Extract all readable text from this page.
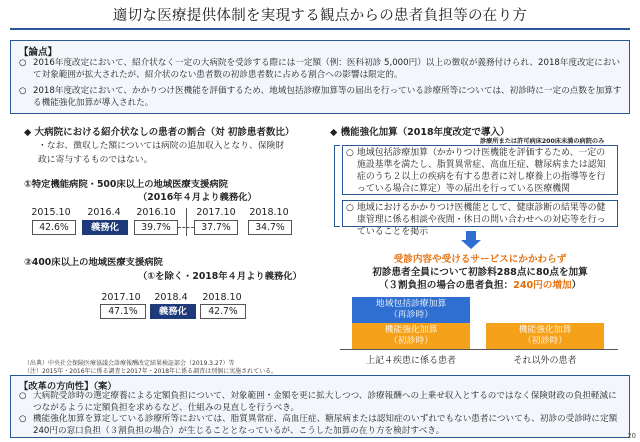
適切な医療提供体制を実現する観点からの患者負担等の在り方
【論点】
○ 2016年度改定において、紹介状なく一定の大病院を受診する際には一定額（例：医科初診 5,000円）以上の徴収が義務付けられ、2018年度改定において対象範囲が拡大されたが、紹介状のない患者数の初診患者数に占める割合への影響は限定的。
○ 2018年度改定において、かかりつけ医機能を評価するため、地域包括診療加算等の届出を行っている診療所等については、初診時に一定の点数を加算する機能強化加算が導入された。
◆ 大病院における紹介状なしの患者の割合（対 初診患者数比）
・なお、徴収した額については病院の追加収入となり、保険財政に寄与するものではない。
①特定機能病院・500床以上の地域医療支援病院
（2016年４月より義務化）
2015.10	2016.4	2016.10	2017.10	2018.10
42.6%	義務化	39.7%	37.7%	34.7%
②400床以上の地域医療支援病院
（①を除く・2018年４月より義務化）
2017.10	2018.4	2018.10
47.1%	義務化	42.7%
（出典）中央社会保険医療協議会診療報酬改定結果検証部会（2019.3.27）等
（注）2015年・2016年に係る調査と2017年・2018年に係る調査は別個に実施されている。
◆ 機能強化加算（2018年度改定で導入）
診療所または許可病床200床未満の病院のみ
○ 地域包括診療加算（かかりつけ医機能を評価するため、一定の施設基準を満たし、脂質異常症、高血圧症、糖尿病または認知症のうち２以上の疾病を有する患者に対し療養上の指導等を行っている場合に算定）等の届出を行っている医療機関
○ 地域におけるかかりつけ医機能として、健康診断の結果等の健康管理に係る相談や夜間・休日の問い合わせへの対応等を行っていることを掲示
受診内容や受けるサービスにかかわらず
初診患者全員について初診料288点に80点を加算
（３割負担の場合の患者負担：240円の増加）
地域包括診療加算
（再診時）
機能強化加算
（初診時）
機能強化加算
（初診時）
上記４疾患に係る患者	それ以外の患者
【改革の方向性】（案）
○ 大病院受診時の選定療養による定額負担について、対象範囲・金額を更に拡大しつつ、診療報酬への上乗せ収入とするのではなく保険財政の負担軽減につながるように定額負担を求めるなど、仕組みの見直しを行うべき。
○ 機能強化加算を算定している診療所等においては、脂質異常症、高血圧症、糖尿病または認知症のいずれでもない患者についても、初診の受診時に定額240円の窓口負担（３割負担の場合）が生じることとなっているが、こうした加算の在り方を検討すべき。
20
